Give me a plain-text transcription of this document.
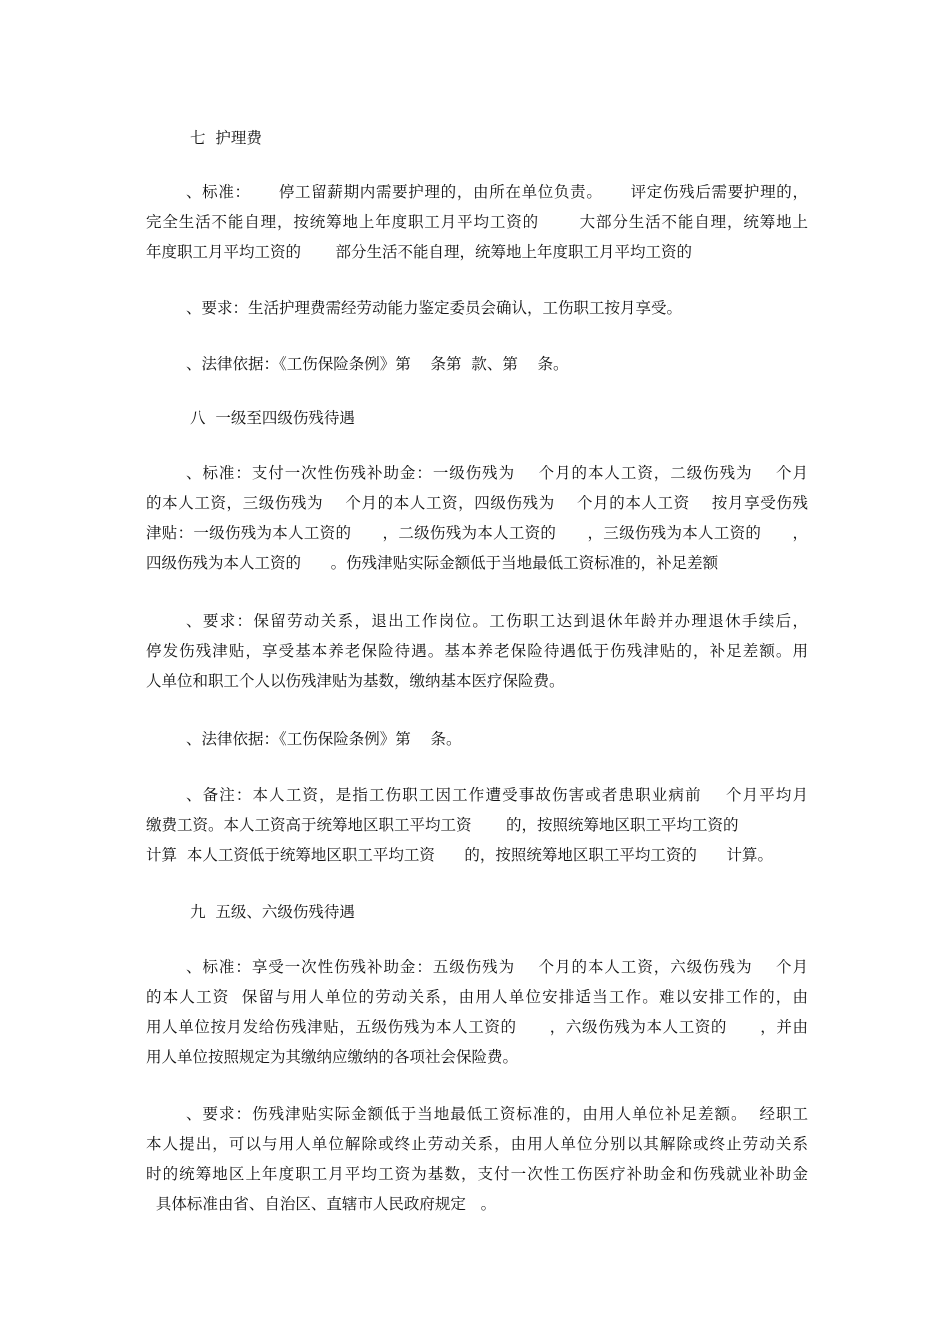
七  护理费

、标准：     停工留薪期内需要护理的，由所在单位负责。     评定伤残后需要护理的，

完全生活不能自理，按统筹地上年度职工月平均工资的       大部分生活不能自理，统筹地上

年度职工月平均工资的       部分生活不能自理，统筹地上年度职工月平均工资的

、要求：生活护理费需经劳动能力鉴定委员会确认，工伤职工按月享受。

、法律依据：《工伤保险条例》第    条第  款、第    条。

八  一级至四级伤残待遇

、标准：支付一次性伤残补助金：一级伤残为    个月的本人工资，二级伤残为    个月

的本人工资，三级伤残为    个月的本人工资，四级伤残为    个月的本人工资    按月享受伤残

津贴：一级伤残为本人工资的      ，二级伤残为本人工资的      ，三级伤残为本人工资的      ，

四级伤残为本人工资的      。伤残津贴实际金额低于当地最低工资标准的，补足差额

、要求：保留劳动关系，退出工作岗位。工伤职工达到退休年龄并办理退休手续后，

停发伤残津贴，享受基本养老保险待遇。基本养老保险待遇低于伤残津贴的，补足差额。用

人单位和职工个人以伤残津贴为基数，缴纳基本医疗保险费。

、法律依据：《工伤保险条例》第    条。

、备注：本人工资，是指工伤职工因工作遭受事故伤害或者患职业病前    个月平均月

缴费工资。本人工资高于统筹地区职工平均工资       的，按照统筹地区职工平均工资的

计算  本人工资低于统筹地区职工平均工资      的，按照统筹地区职工平均工资的      计算。

九  五级、六级伤残待遇

、标准：享受一次性伤残补助金：五级伤残为    个月的本人工资，六级伤残为    个月

的本人工资  保留与用人单位的劳动关系，由用人单位安排适当工作。难以安排工作的，由

用人单位按月发给伤残津贴，五级伤残为本人工资的      ，六级伤残为本人工资的      ，并由

用人单位按照规定为其缴纳应缴纳的各项社会保险费。

、要求：伤残津贴实际金额低于当地最低工资标准的，由用人单位补足差额。  经职工

本人提出，可以与用人单位解除或终止劳动关系，由用人单位分别以其解除或终止劳动关系

时的统筹地区上年度职工月平均工资为基数，支付一次性工伤医疗补助金和伤残就业补助金

具体标准由省、自治区、直辖市人民政府规定   。
